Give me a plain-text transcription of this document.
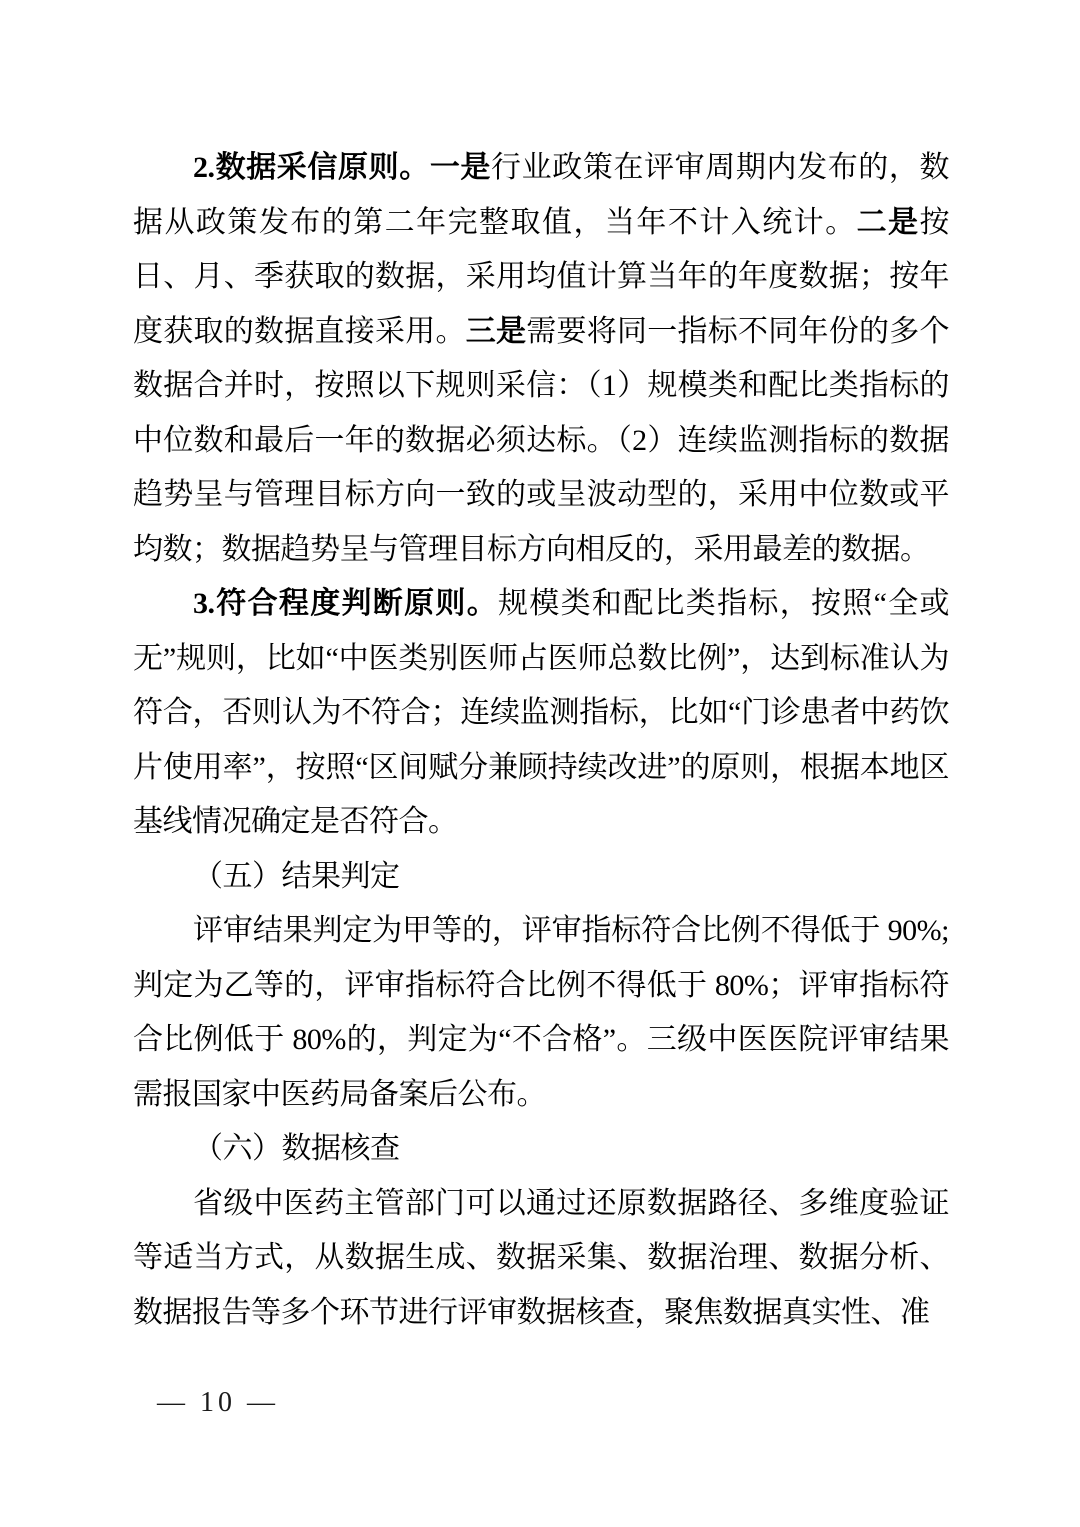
2.数据采信原则。一是行业政策在评审周期内发布的，数据从政策发布的第二年完整取值，当年不计入统计。二是按日、月、季获取的数据，采用均值计算当年的年度数据；按年度获取的数据直接采用。三是需要将同一指标不同年份的多个数据合并时，按照以下规则采信：（1）规模类和配比类指标的中位数和最后一年的数据必须达标。（2）连续监测指标的数据趋势呈与管理目标方向一致的或呈波动型的，采用中位数或平均数；数据趋势呈与管理目标方向相反的，采用最差的数据。

3.符合程度判断原则。规模类和配比类指标，按照“全或无”规则，比如“中医类别医师占医师总数比例”，达到标准认为符合，否则认为不符合；连续监测指标，比如“门诊患者中药饮片使用率”，按照“区间赋分兼顾持续改进”的原则，根据本地区基线情况确定是否符合。

（五）结果判定

评审结果判定为甲等的，评审指标符合比例不得低于 90%; 判定为乙等的，评审指标符合比例不得低于 80%；评审指标符合比例低于 80%的，判定为“不合格”。三级中医医院评审结果需报国家中医药局备案后公布。

（六）数据核查

省级中医药主管部门可以通过还原数据路径、多维度验证等适当方式，从数据生成、数据采集、数据治理、数据分析、数据报告等多个环节进行评审数据核查，聚焦数据真实性、准

— 10 —
